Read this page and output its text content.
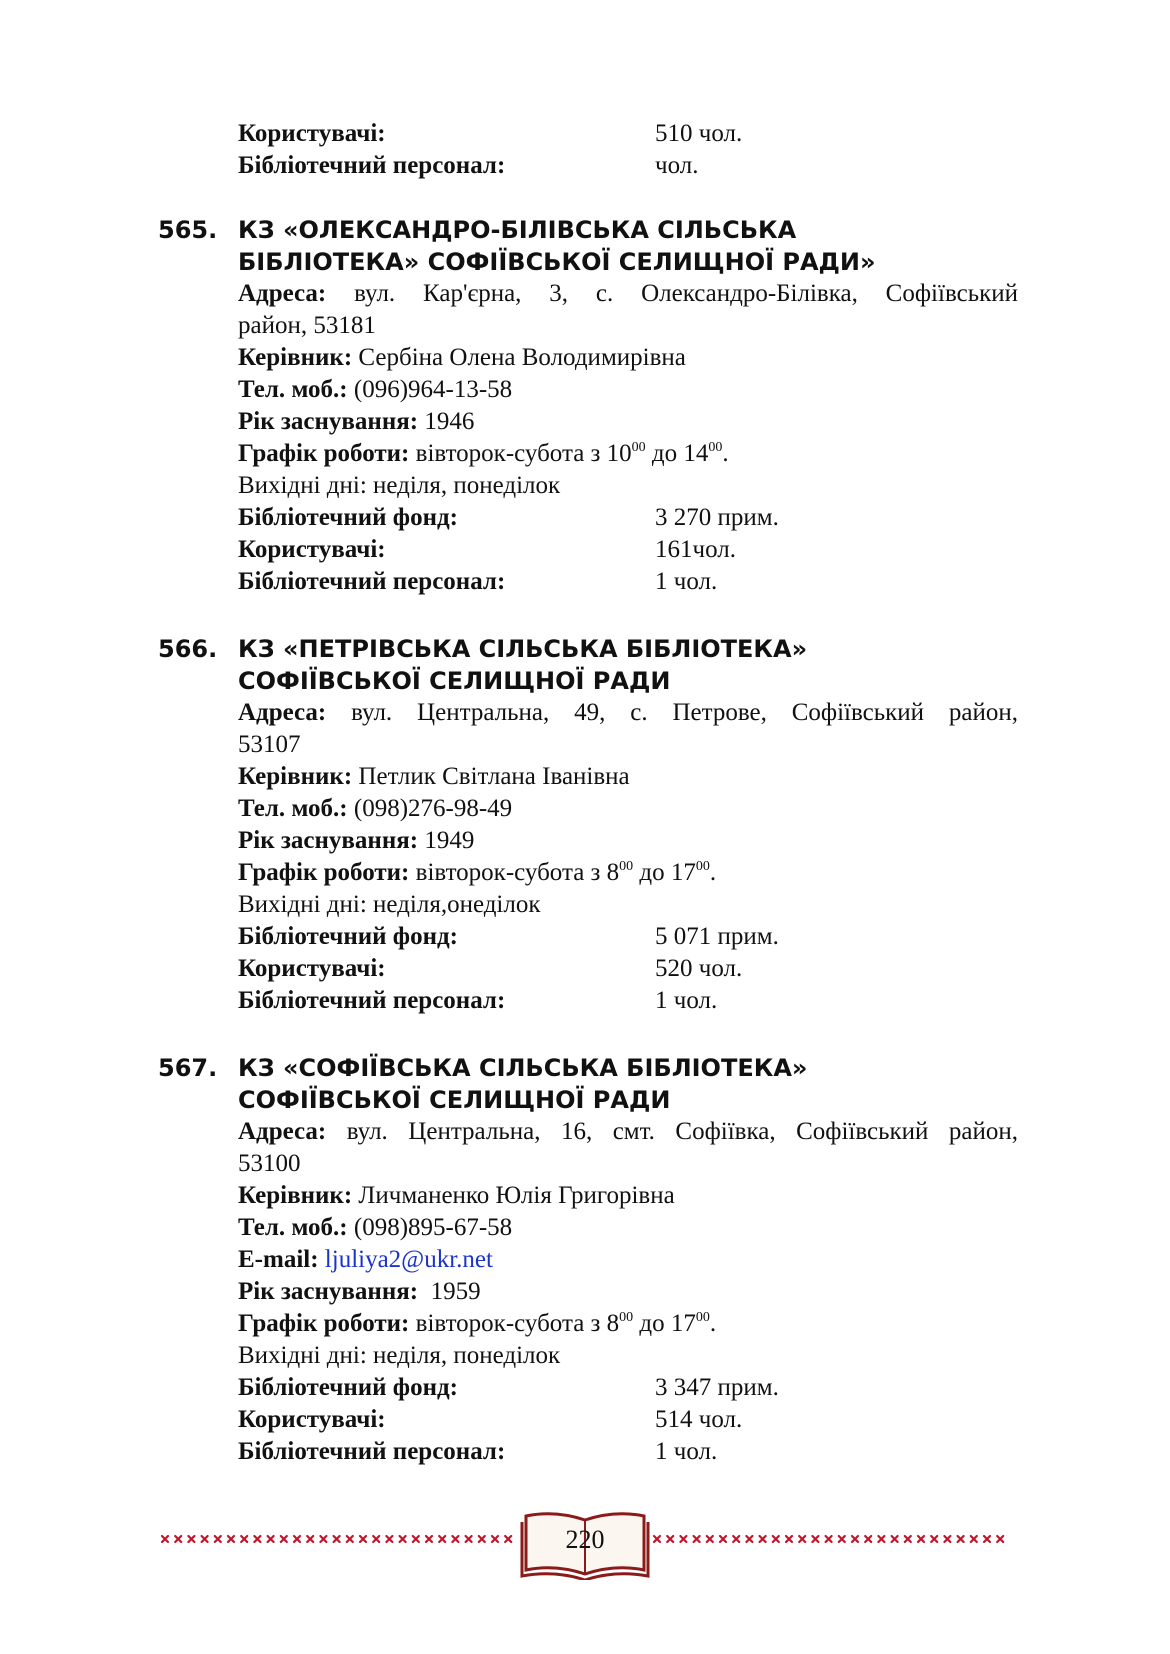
Користувачі:	510 чол.
Бібліотечний персонал:	чол.
565. КЗ «ОЛЕКСАНДРО-БІЛІВСЬКА СІЛЬСЬКА
БІБЛІОТЕКА» СОФІЇВСЬКОЇ СЕЛИЩНОЇ РАДИ»
Адреса: вул. Кар'єрна, 3, с. Олександро-Білівка, Софіївський
район, 53181
Керівник: Сербіна Олена Володимирівна
Тел. моб.: (096)964-13-58
Рік заснування: 1946
Графік роботи: вівторок-субота з $10^{00}$ до $14^{00}$.
Вихідні дні: неділя, понеділок
Бібліотечний фонд:	3 270 прим.
Користувачі:	161чол.
Бібліотечний персонал:	1 чол.
566. КЗ «ПЕТРІВСЬКА СІЛЬСЬКА БІБЛІОТЕКА»
СОФІЇВСЬКОЇ СЕЛИЩНОЇ РАДИ
Адреса: вул. Центральна, 49, с. Петрове, Софіївський район,
53107
Керівник: Петлик Світлана Іванівна
Тел. моб.: (098)276-98-49
Рік заснування: 1949
Графік роботи: вівторок-субота з $8^{00}$ до $17^{00}$.
Вихідні дні: неділя,онеділок
Бібліотечний фонд:	5 071 прим.
Користувачі:	520 чол.
Бібліотечний персонал:	1 чол.
567. КЗ «СОФІЇВСЬКА СІЛЬСЬКА БІБЛІОТЕКА»
СОФІЇВСЬКОЇ СЕЛИЩНОЇ РАДИ
Адреса: вул. Центральна, 16, смт. Софіївка, Софіївський район,
53100
Керівник: Личманенко Юлія Григорівна
Тел. моб.: (098)895-67-58
E-mail: ljuliya2@ukr.net
Рік заснування: 1959
Графік роботи: вівторок-субота з $8^{00}$ до $17^{00}$.
Вихідні дні: неділя, понеділок
Бібліотечний фонд:	3 347 прим.
Користувачі:	514 чол.
Бібліотечний персонал:	1 чол.
220
